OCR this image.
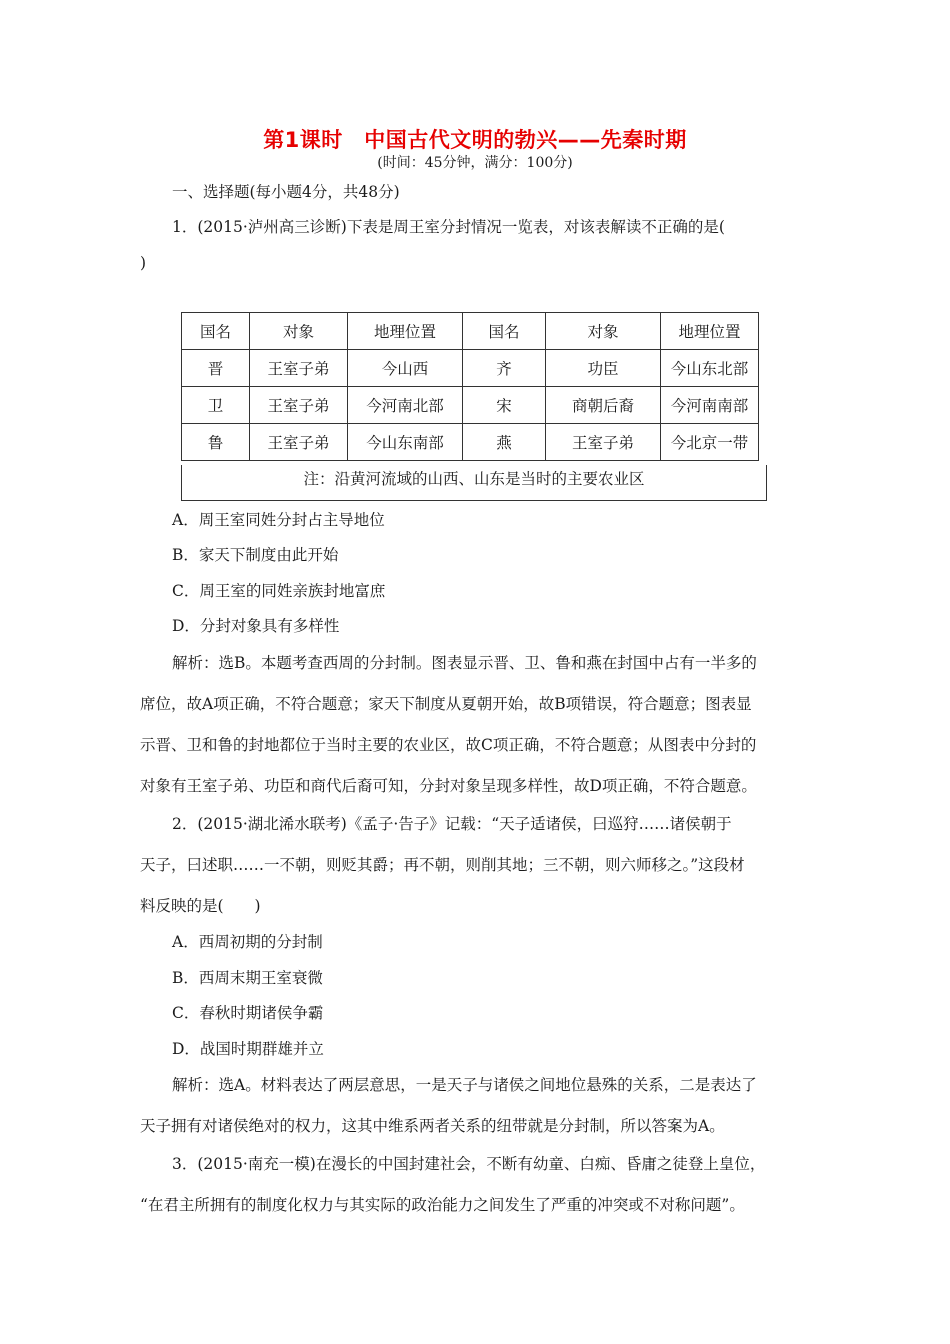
第1课时　中国古代文明的勃兴——先秦时期
(时间：45分钟，满分：100分)
一、选择题(每小题4分，共48分)
1．(2015·泸州高三诊断)下表是周王室分封情况一览表，对该表解读不正确的是(
)
国名	对象	地理位置	国名	对象	地理位置
晋	王室子弟	今山西	齐	功臣	今山东北部
卫	王室子弟	今河南北部	宋	商朝后裔	今河南南部
鲁	王室子弟	今山东南部	燕	王室子弟	今北京一带
注：沿黄河流域的山西、山东是当时的主要农业区
A．周王室同姓分封占主导地位
B．家天下制度由此开始
C．周王室的同姓亲族封地富庶
D．分封对象具有多样性
解析：选B。本题考查西周的分封制。图表显示晋、卫、鲁和燕在封国中占有一半多的
席位，故A项正确，不符合题意；家天下制度从夏朝开始，故B项错误，符合题意；图表显
示晋、卫和鲁的封地都位于当时主要的农业区，故C项正确，不符合题意；从图表中分封的
对象有王室子弟、功臣和商代后裔可知，分封对象呈现多样性，故D项正确，不符合题意。
2．(2015·湖北浠水联考)《孟子·告子》记载：“天子适诸侯，曰巡狩……诸侯朝于
天子，曰述职……一不朝，则贬其爵；再不朝，则削其地；三不朝，则六师移之。”这段材
料反映的是(　　)
A．西周初期的分封制
B．西周末期王室衰微
C．春秋时期诸侯争霸
D．战国时期群雄并立
解析：选A。材料表达了两层意思，一是天子与诸侯之间地位悬殊的关系，二是表达了
天子拥有对诸侯绝对的权力，这其中维系两者关系的纽带就是分封制，所以答案为A。
3．(2015·南充一模)在漫长的中国封建社会，不断有幼童、白痴、昏庸之徒登上皇位，
“在君主所拥有的制度化权力与其实际的政治能力之间发生了严重的冲突或不对称问题”。
